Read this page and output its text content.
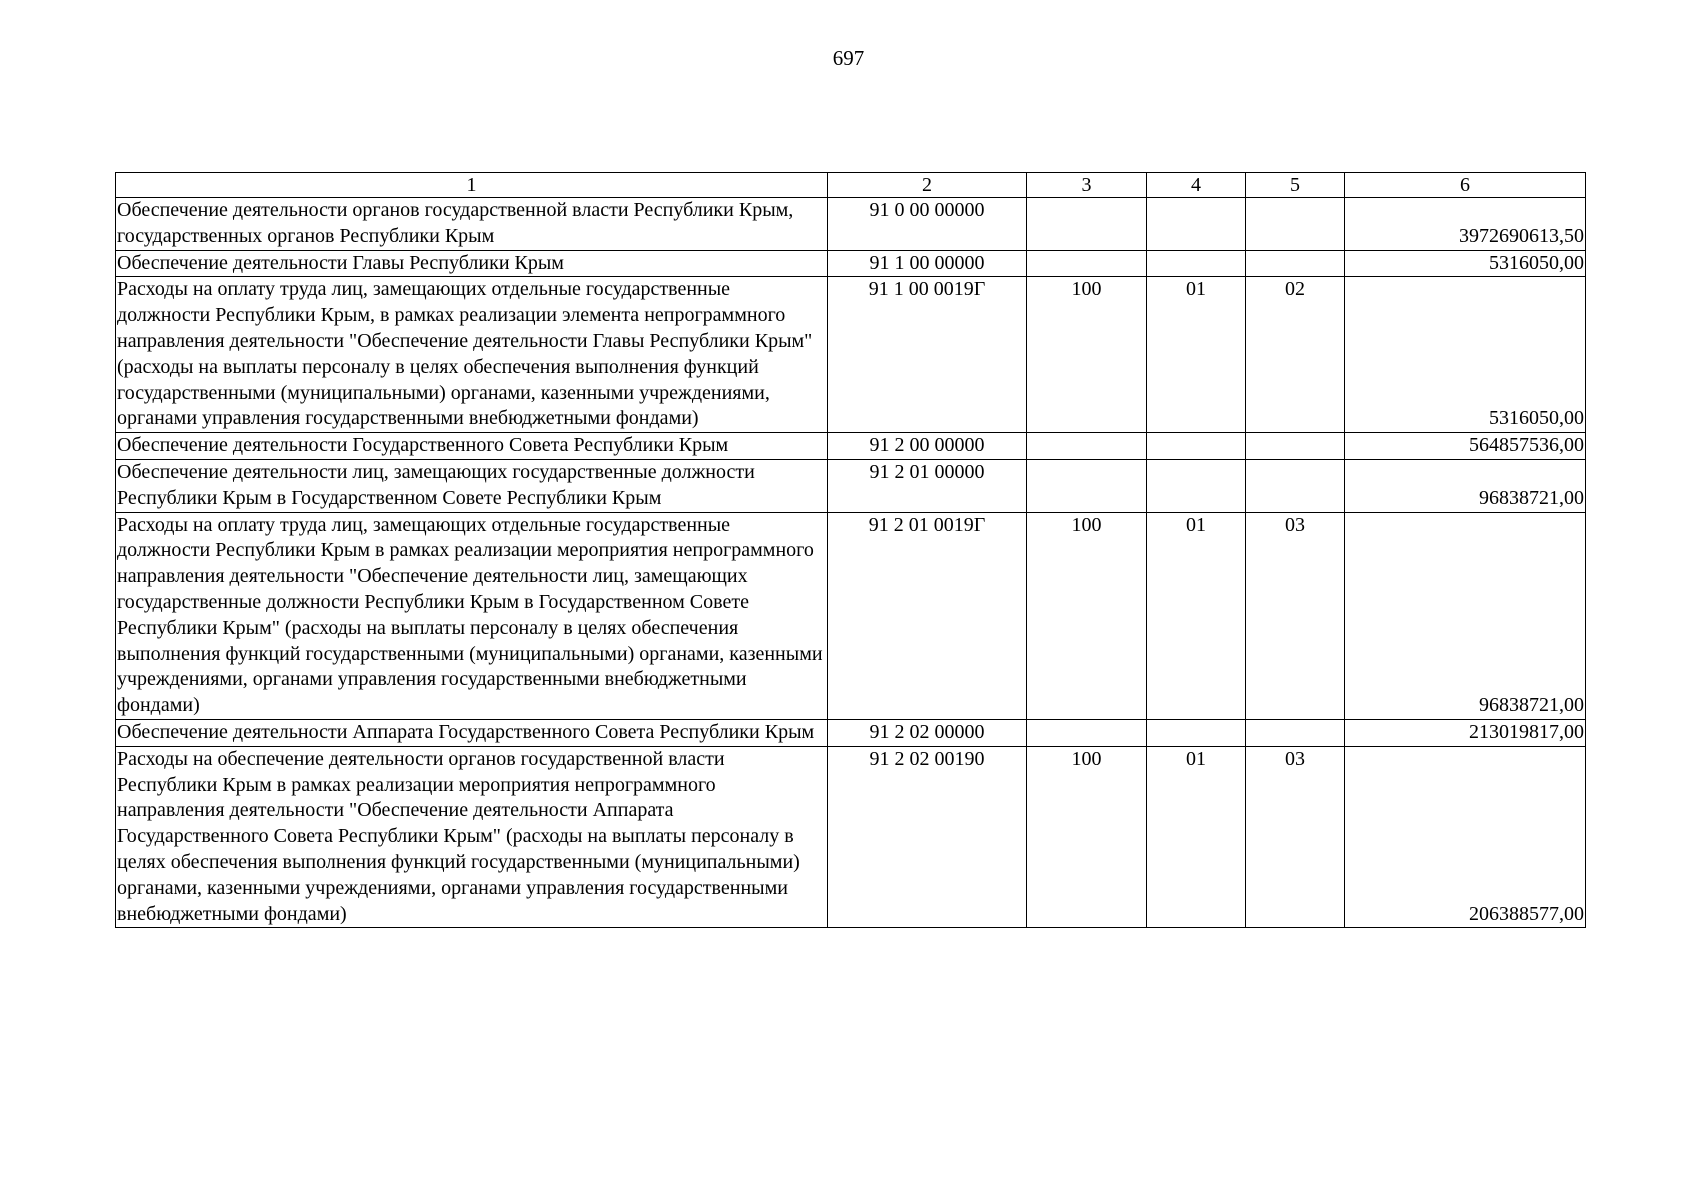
697
1	2	3	4	5	6
Обеспечение деятельности органов государственной власти Республики Крым, государственных органов Республики Крым	91 0 00 00000				3972690613,50
Обеспечение деятельности Главы Республики Крым	91 1 00 00000				5316050,00
Расходы на оплату труда лиц, замещающих отдельные государственные должности Республики Крым, в рамках реализации элемента непрограммного направления деятельности "Обеспечение деятельности Главы Республики Крым" (расходы на выплаты персоналу в целях обеспечения выполнения функций государственными (муниципальными) органами, казенными учреждениями, органами управления государственными внебюджетными фондами)	91 1 00 0019Г	100	01	02	5316050,00
Обеспечение деятельности Государственного Совета Республики Крым	91 2 00 00000				564857536,00
Обеспечение деятельности лиц, замещающих государственные должности Республики Крым в Государственном Совете Республики Крым	91 2 01 00000				96838721,00
Расходы на оплату труда лиц, замещающих отдельные государственные должности Республики Крым в рамках реализации мероприятия непрограммного направления деятельности "Обеспечение деятельности лиц, замещающих государственные должности Республики Крым в Государственном Совете Республики Крым" (расходы на выплаты персоналу в целях обеспечения выполнения функций государственными (муниципальными) органами, казенными учреждениями, органами управления государственными внебюджетными фондами)	91 2 01 0019Г	100	01	03	96838721,00
Обеспечение деятельности Аппарата Государственного Совета Республики Крым	91 2 02 00000				213019817,00
Расходы на обеспечение деятельности органов государственной власти Республики Крым в рамках реализации мероприятия непрограммного направления деятельности "Обеспечение деятельности Аппарата Государственного Совета Республики Крым" (расходы на выплаты персоналу в целях обеспечения выполнения функций государственными (муниципальными) органами, казенными учреждениями, органами управления государственными внебюджетными фондами)	91 2 02 00190	100	01	03	206388577,00
